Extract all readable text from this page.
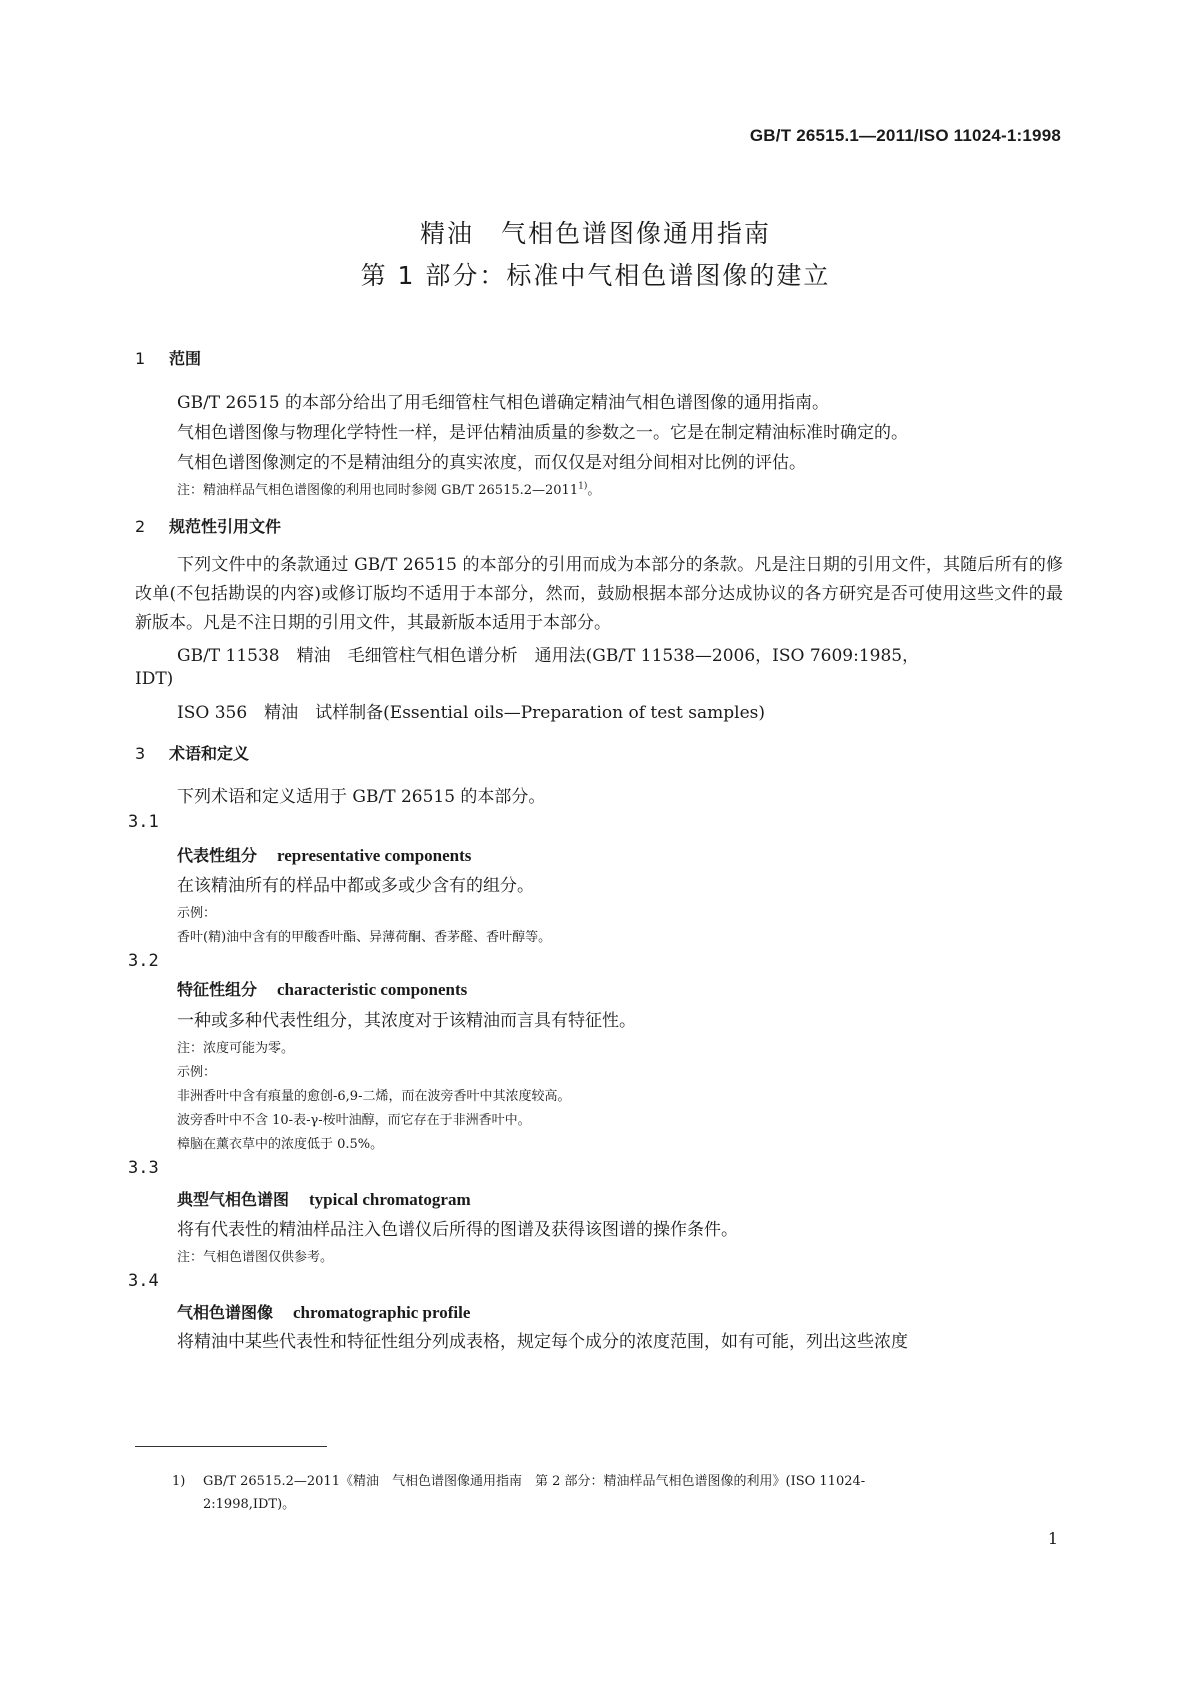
GB/T 26515.1—2011/ISO 11024-1:1998
精油　气相色谱图像通用指南
第 1 部分：标准中气相色谱图像的建立
1 范围
GB/T 26515 的本部分给出了用毛细管柱气相色谱确定精油气相色谱图像的通用指南。
气相色谱图像与物理化学特性一样，是评估精油质量的参数之一。它是在制定精油标准时确定的。
气相色谱图像测定的不是精油组分的真实浓度，而仅仅是对组分间相对比例的评估。
注：精油样品气相色谱图像的利用也同时参阅 GB/T 26515.2—2011$^{1)}$。
2 规范性引用文件
下列文件中的条款通过 GB/T 26515 的本部分的引用而成为本部分的条款。凡是注日期的引用文件，其随后所有的修改单(不包括勘误的内容)或修订版均不适用于本部分，然而，鼓励根据本部分达成协议的各方研究是否可使用这些文件的最新版本。凡是不注日期的引用文件，其最新版本适用于本部分。
GB/T 11538　精油　毛细管柱气相色谱分析　通用法(GB/T 11538—2006，ISO 7609:1985，
IDT)
ISO 356　精油　试样制备(Essential oils—Preparation of test samples)
3 术语和定义
下列术语和定义适用于 GB/T 26515 的本部分。
3.1
代表性组分 representative components
在该精油所有的样品中都或多或少含有的组分。
示例：
香叶(精)油中含有的甲酸香叶酯、异薄荷酮、香茅醛、香叶醇等。
3.2
特征性组分 characteristic components
一种或多种代表性组分，其浓度对于该精油而言具有特征性。
注：浓度可能为零。
示例：
非洲香叶中含有痕量的愈创-6,9-二烯，而在波旁香叶中其浓度较高。
波旁香叶中不含 10-表-γ-桉叶油醇，而它存在于非洲香叶中。
樟脑在薰衣草中的浓度低于 0.5%。
3.3
典型气相色谱图 typical chromatogram
将有代表性的精油样品注入色谱仪后所得的图谱及获得该图谱的操作条件。
注：气相色谱图仅供参考。
3.4
气相色谱图像 chromatographic profile
将精油中某些代表性和特征性组分列成表格，规定每个成分的浓度范围，如有可能，列出这些浓度
1) GB/T 26515.2—2011《精油　气相色谱图像通用指南　第 2 部分：精油样品气相色谱图像的利用》(ISO 11024-
2:1998,IDT)。
1
